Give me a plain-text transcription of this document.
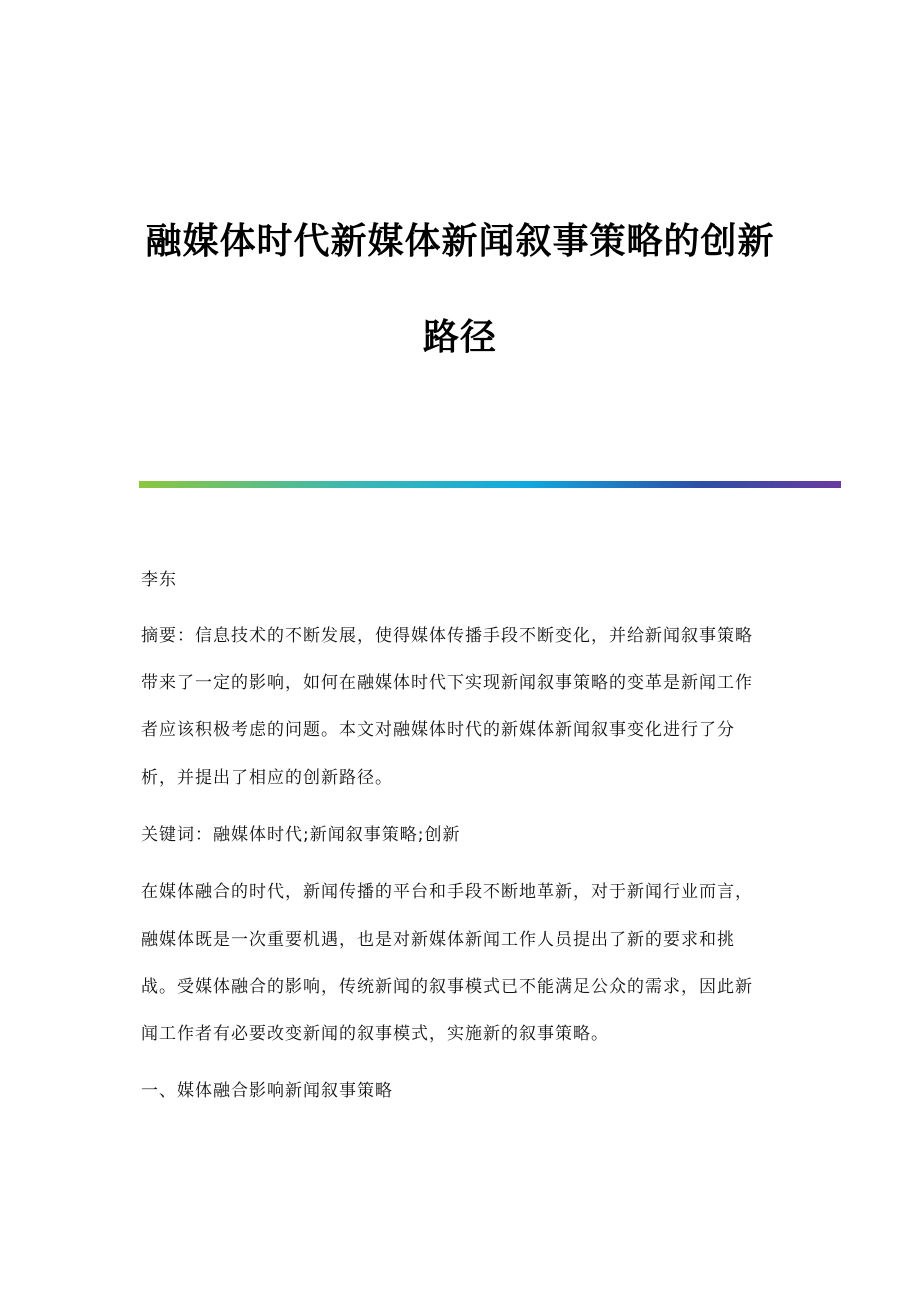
融媒体时代新媒体新闻叙事策略的创新
路径
李东
摘要：信息技术的不断发展，使得媒体传播手段不断变化，并给新闻叙事策略
带来了一定的影响，如何在融媒体时代下实现新闻叙事策略的变革是新闻工作
者应该积极考虑的问题。本文对融媒体时代的新媒体新闻叙事变化进行了分
析，并提出了相应的创新路径。
关键词：融媒体时代;新闻叙事策略;创新
在媒体融合的时代，新闻传播的平台和手段不断地革新，对于新闻行业而言，
融媒体既是一次重要机遇，也是对新媒体新闻工作人员提出了新的要求和挑
战。受媒体融合的影响，传统新闻的叙事模式已不能满足公众的需求，因此新
闻工作者有必要改变新闻的叙事模式，实施新的叙事策略。
一、媒体融合影响新闻叙事策略
